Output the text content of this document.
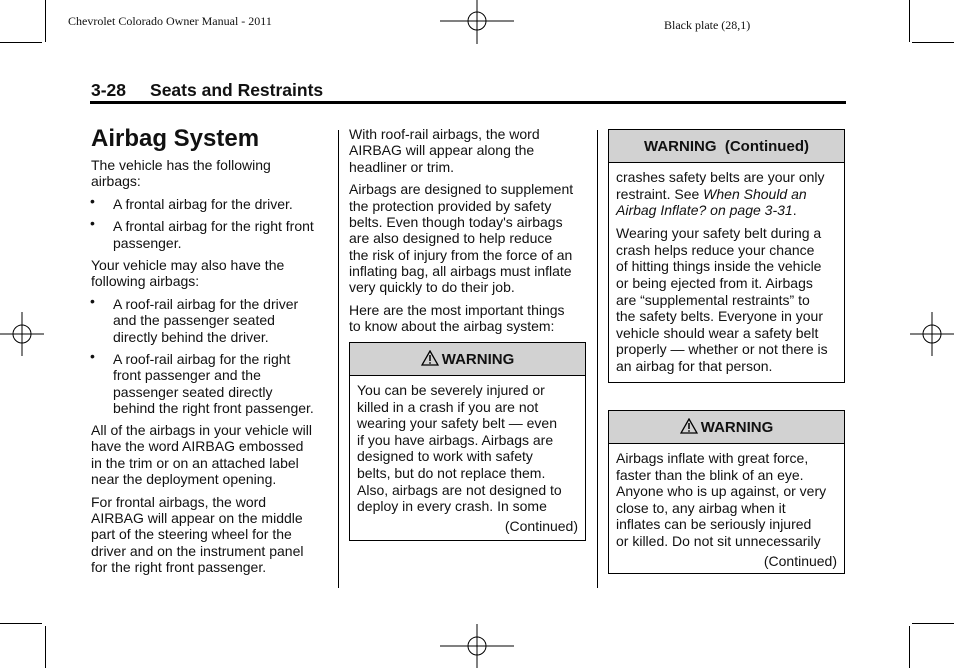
Chevrolet Colorado Owner Manual - 2011	Black plate (28,1)
3-28 Seats and Restraints
Airbag System

The vehicle has the following
airbags:

• A frontal airbag for the driver.
• A frontal airbag for the right front
passenger.

Your vehicle may also have the
following airbags:

• A roof-rail airbag for the driver
and the passenger seated
directly behind the driver.
• A roof-rail airbag for the right
front passenger and the
passenger seated directly
behind the right front passenger.

All of the airbags in your vehicle will
have the word AIRBAG embossed
in the trim or on an attached label
near the deployment opening.

For frontal airbags, the word
AIRBAG will appear on the middle
part of the steering wheel for the
driver and on the instrument panel
for the right front passenger.

With roof-rail airbags, the word
AIRBAG will appear along the
headliner or trim.

Airbags are designed to supplement
the protection provided by safety
belts. Even though today's airbags
are also designed to help reduce
the risk of injury from the force of an
inflating bag, all airbags must inflate
very quickly to do their job.

Here are the most important things
to know about the airbag system:

WARNING

You can be severely injured or
killed in a crash if you are not
wearing your safety belt — even
if you have airbags. Airbags are
designed to work with safety
belts, but do not replace them.
Also, airbags are not designed to
deploy in every crash. In some

(Continued)
WARNING  (Continued)

crashes safety belts are your only
restraint. See When Should an
Airbag Inflate? on page 3-31.

Wearing your safety belt during a
crash helps reduce your chance
of hitting things inside the vehicle
or being ejected from it. Airbags
are “supplemental restraints” to
the safety belts. Everyone in your
vehicle should wear a safety belt
properly — whether or not there is
an airbag for that person.

WARNING

Airbags inflate with great force,
faster than the blink of an eye.
Anyone who is up against, or very
close to, any airbag when it
inflates can be seriously injured
or killed. Do not sit unnecessarily

(Continued)
